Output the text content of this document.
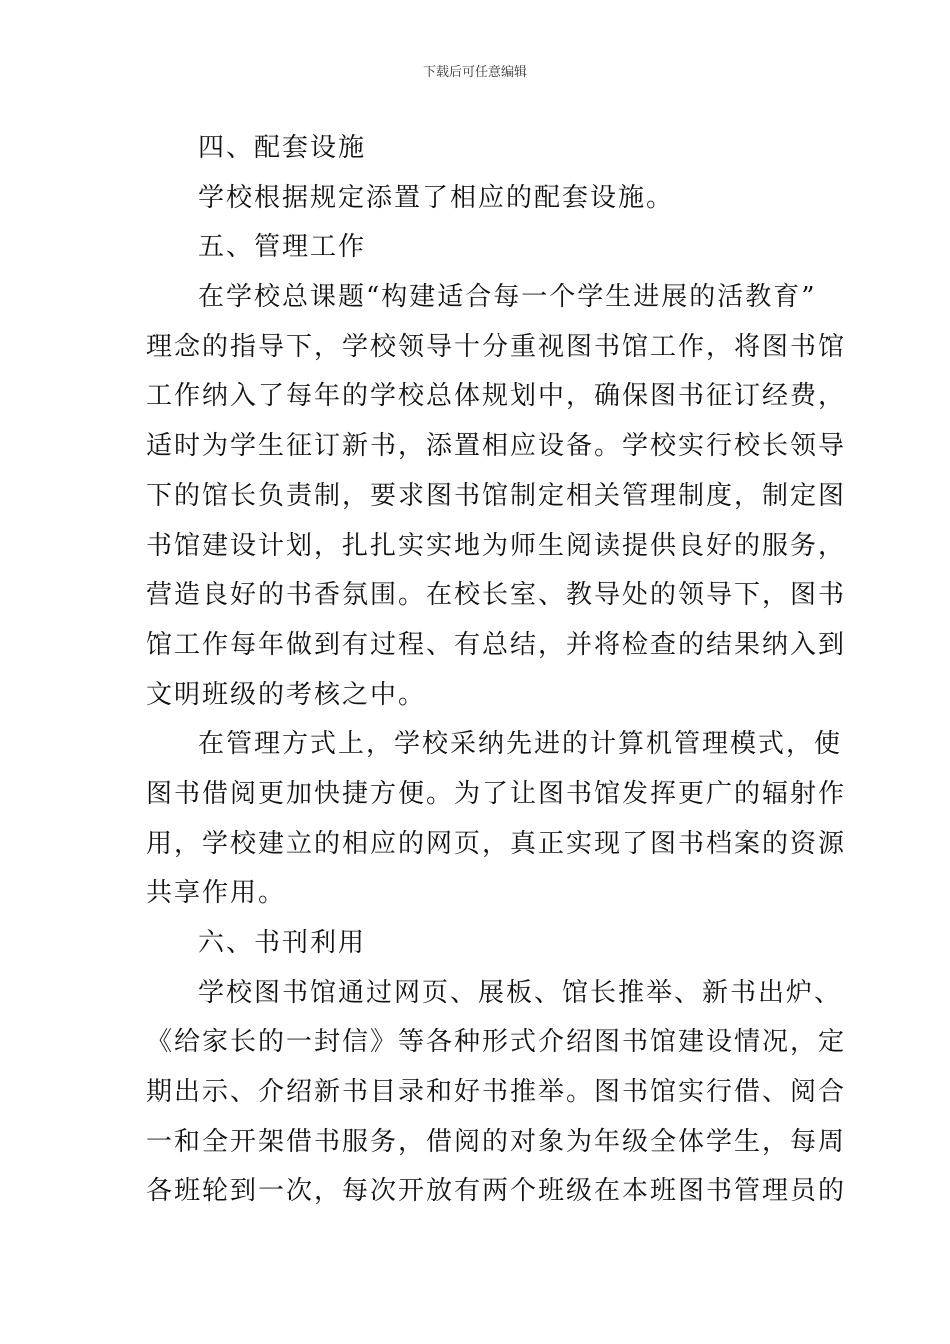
下载后可任意编辑
四、配套设施
学校根据规定添置了相应的配套设施。
五、管理工作
在学校总课题“构建适合每一个学生进展的活教育”
理念的指导下，学校领导十分重视图书馆工作，将图书馆
工作纳入了每年的学校总体规划中，确保图书征订经费，
适时为学生征订新书，添置相应设备。学校实行校长领导
下的馆长负责制，要求图书馆制定相关管理制度，制定图
书馆建设计划，扎扎实实地为师生阅读提供良好的服务，
营造良好的书香氛围。在校长室、教导处的领导下，图书
馆工作每年做到有过程、有总结，并将检查的结果纳入到
文明班级的考核之中。
在管理方式上，学校采纳先进的计算机管理模式，使
图书借阅更加快捷方便。为了让图书馆发挥更广的辐射作
用，学校建立的相应的网页，真正实现了图书档案的资源
共享作用。
六、书刊利用
学校图书馆通过网页、展板、馆长推举、新书出炉、
《给家长的一封信》等各种形式介绍图书馆建设情况，定
期出示、介绍新书目录和好书推举。图书馆实行借、阅合
一和全开架借书服务，借阅的对象为年级全体学生，每周
各班轮到一次，每次开放有两个班级在本班图书管理员的
